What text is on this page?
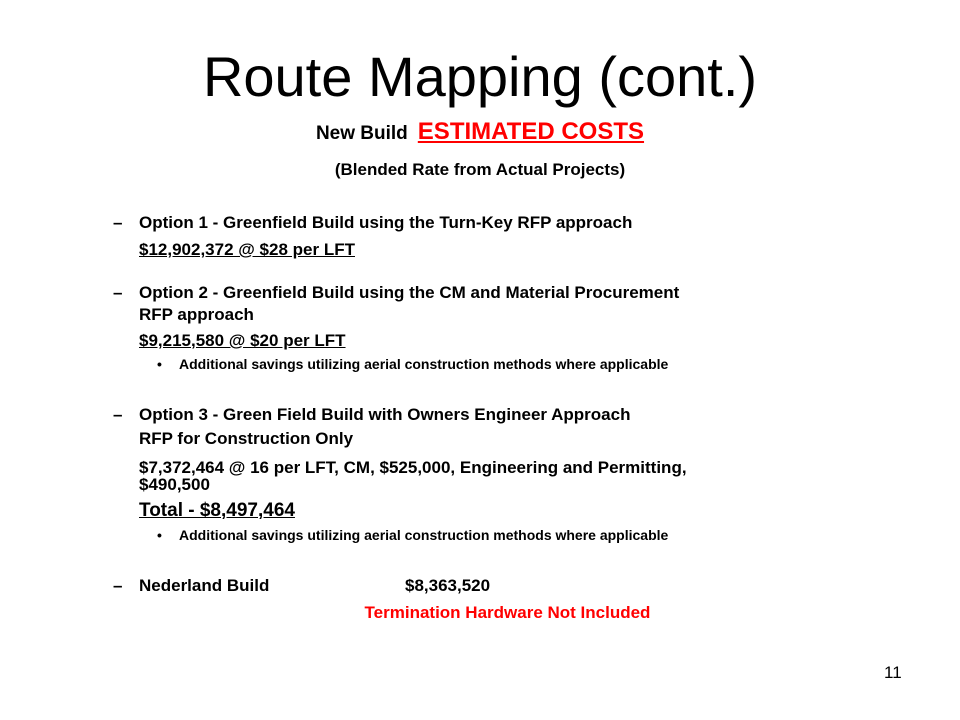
Route Mapping (cont.)
New Build ESTIMATED COSTS
(Blended Rate from Actual Projects)
– Option 1 - Greenfield Build using the Turn-Key RFP approach
$12,902,372 @ $28 per LFT
– Option 2 - Greenfield Build using the CM and Material Procurement
RFP approach
$9,215,580 @ $20 per LFT
• Additional savings utilizing aerial construction methods where applicable
– Option 3 - Green Field Build with Owners Engineer Approach
RFP for Construction Only
$7,372,464 @ 16 per LFT, CM, $525,000, Engineering and Permitting,
$490,500
Total - $8,497,464
• Additional savings utilizing aerial construction methods where applicable
– Nederland Build	$8,363,520
Termination Hardware Not Included
11
